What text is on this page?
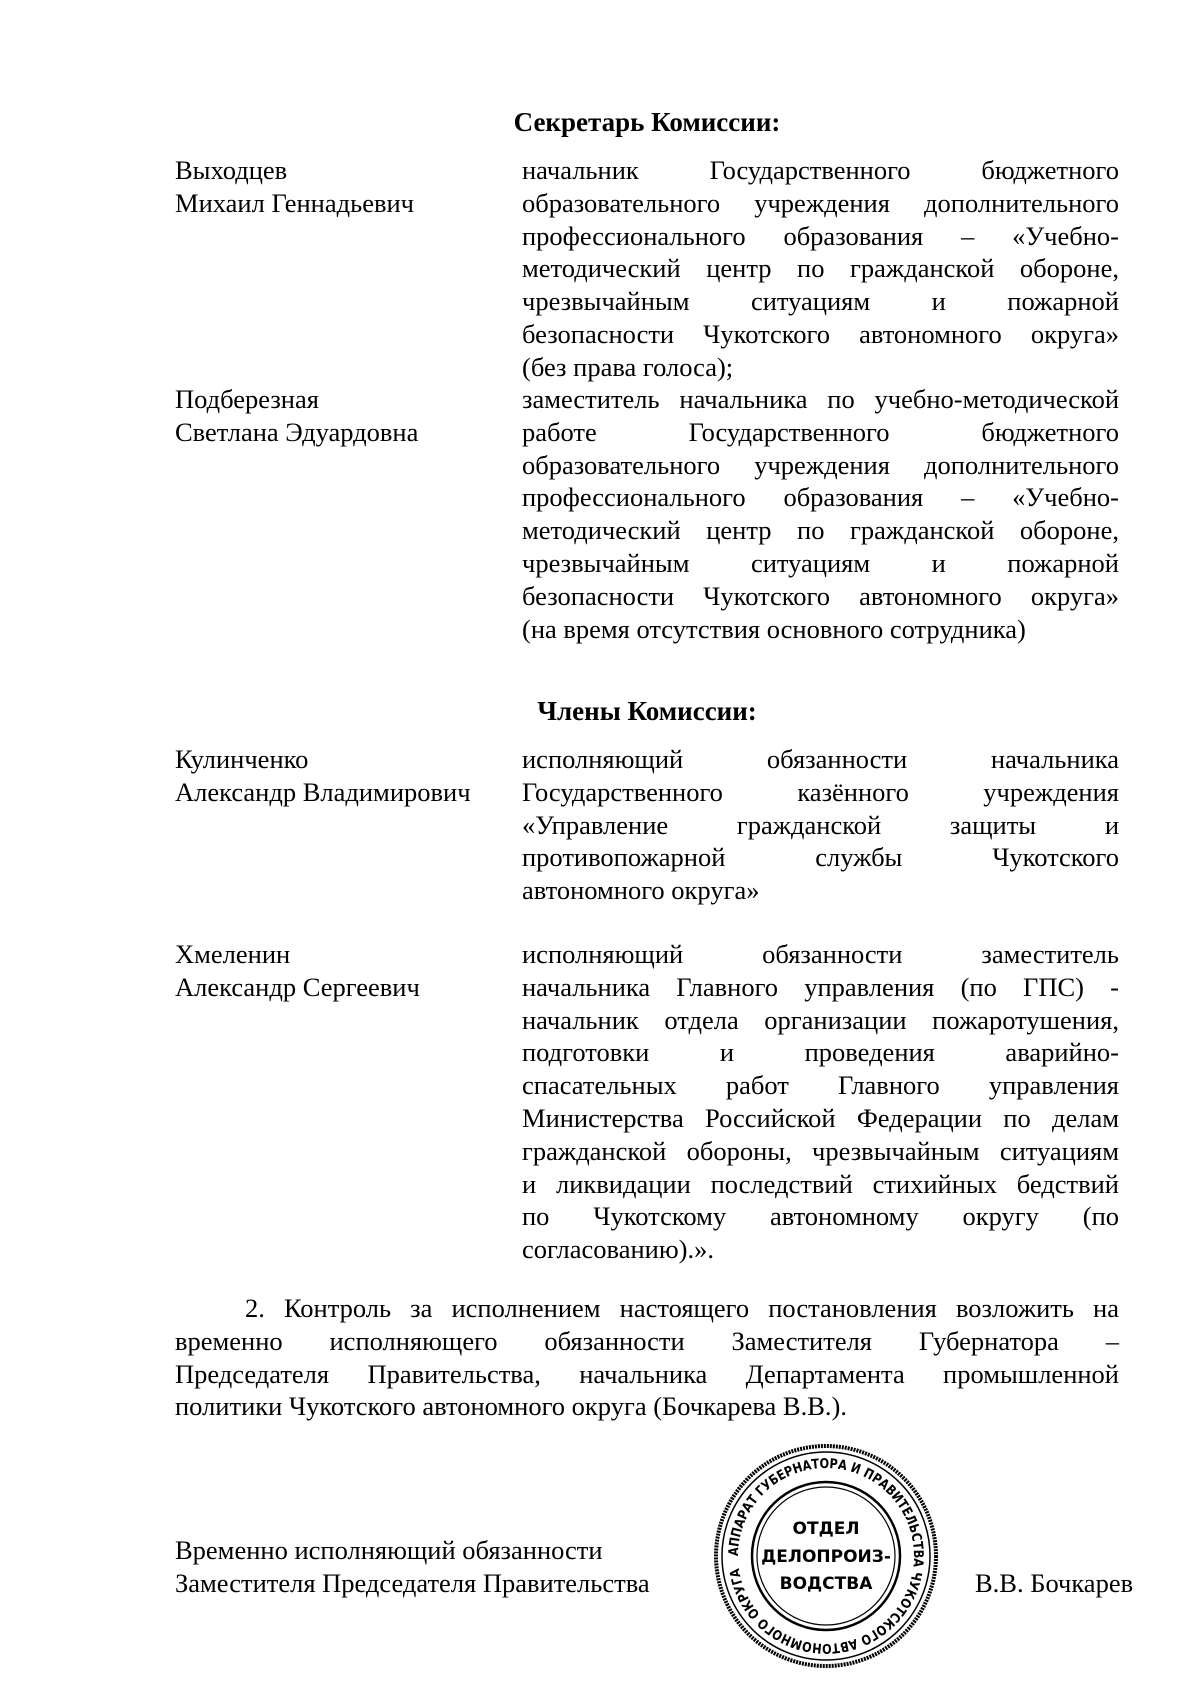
Секретарь Комиссии:
Выходцев
Михаил Геннадьевич
начальник Государственного бюджетного
образовательного учреждения дополнительного
профессионального образования – «Учебно-
методический центр по гражданской обороне,
чрезвычайным ситуациям и пожарной
безопасности Чукотского автономного округа»
(без права голоса);
Подберезная
Светлана Эдуардовна
заместитель начальника по учебно-методической
работе Государственного бюджетного
образовательного учреждения дополнительного
профессионального образования – «Учебно-
методический центр по гражданской обороне,
чрезвычайным ситуациям и пожарной
безопасности Чукотского автономного округа»
(на время отсутствия основного сотрудника)
Члены Комиссии:
Кулинченко
Александр Владимирович
исполняющий обязанности начальника
Государственного казённого учреждения
«Управление гражданской защиты и
противопожарной службы Чукотского
автономного округа»
Хмеленин
Александр Сергеевич
исполняющий обязанности заместитель
начальника Главного управления (по ГПС) -
начальник отдела организации пожаротушения,
подготовки и проведения аварийно-
спасательных работ Главного управления
Министерства Российской Федерации по делам
гражданской обороны, чрезвычайным ситуациям
и ликвидации последствий стихийных бедствий
по Чукотскому автономному округу (по
согласованию).».
2. Контроль за исполнением настоящего постановления возложить на
временно исполняющего обязанности Заместителя Губернатора –
Председателя Правительства, начальника Департамента промышленной
политики Чукотского автономного округа (Бочкарева В.В.).
Временно исполняющий обязанности
Заместителя Председателя Правительства	В.В. Бочкарев
АППАРАТ ГУБЕРНАТОРА И ПРАВИТЕЛЬСТВА ЧУКОТСКОГО АВТОНОМНОГО ОКРУГА
ОТДЕЛ
ДЕЛОПРОИЗ-
ВОДСТВА
